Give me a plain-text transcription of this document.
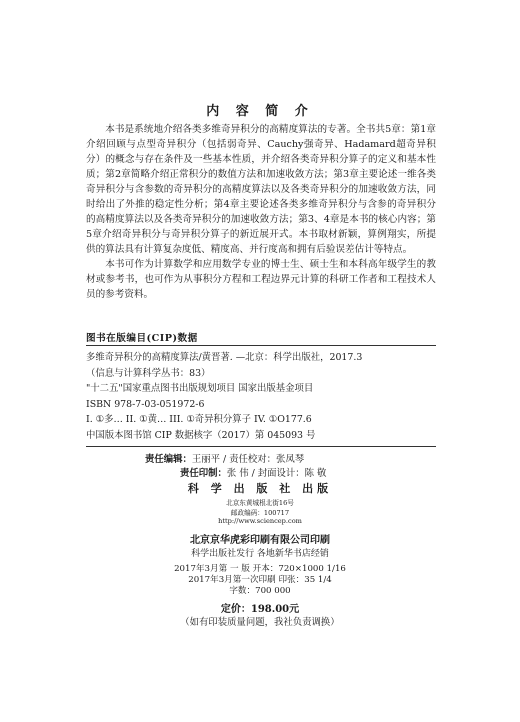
内 容 简 介

本书是系统地介绍各类多维奇异积分的高精度算法的专著。全书共5章：第1章介绍回顾与点型奇异积分（包括弱奇异、Cauchy强奇异、Hadamard超奇异积分）的概念与存在条件及一些基本性质，并介绍各类奇异积分算子的定义和基本性质；第2章简略介绍正常积分的数值方法和加速收敛方法；第3章主要论述一维各类奇异积分与含参数的奇异积分的高精度算法以及各类奇异积分的加速收敛方法，同时给出了外推的稳定性分析；第4章主要论述各类多维奇异积分与含参的奇异积分的高精度算法以及各类奇异积分的加速收敛方法；第3、4章是本书的核心内容；第5章介绍奇异积分与奇异积分算子的新近展开式。本书取材新颖，算例翔实，所提供的算法具有计算复杂度低、精度高、并行度高和拥有后验误差估计等特点。

本书可作为计算数学和应用数学专业的博士生、硕士生和本科高年级学生的教材或参考书，也可作为从事积分方程和工程边界元计算的科研工作者和工程技术人员的参考资料。

图书在版编目(CIP)数据
多维奇异积分的高精度算法/黄晋著. —北京：科学出版社，2017.3
（信息与计算科学丛书：83）
"十二五"国家重点图书出版规划项目 国家出版基金项目
ISBN 978-7-03-051972-6
I. ①多… II. ①黄… III. ①奇异积分算子 IV. ①O177.6
中国版本图书馆 CIP 数据核字（2017）第 045093 号
责任编辑：王丽平 / 责任校对：张凤琴
责任印制：张 伟 / 封面设计：陈 敬
科 学 出 版 社 出版
北京东黄城根北街16号
邮政编码：100717
http://www.sciencep.com
北京京华虎彩印刷有限公司印刷
科学出版社发行 各地新华书店经销
2017年3月第 一 版 开本：720×1000 1/16
2017年3月第一次印刷 印张：35 1/4
字数：700 000
定价：198.00元
（如有印装质量问题，我社负责调换）
